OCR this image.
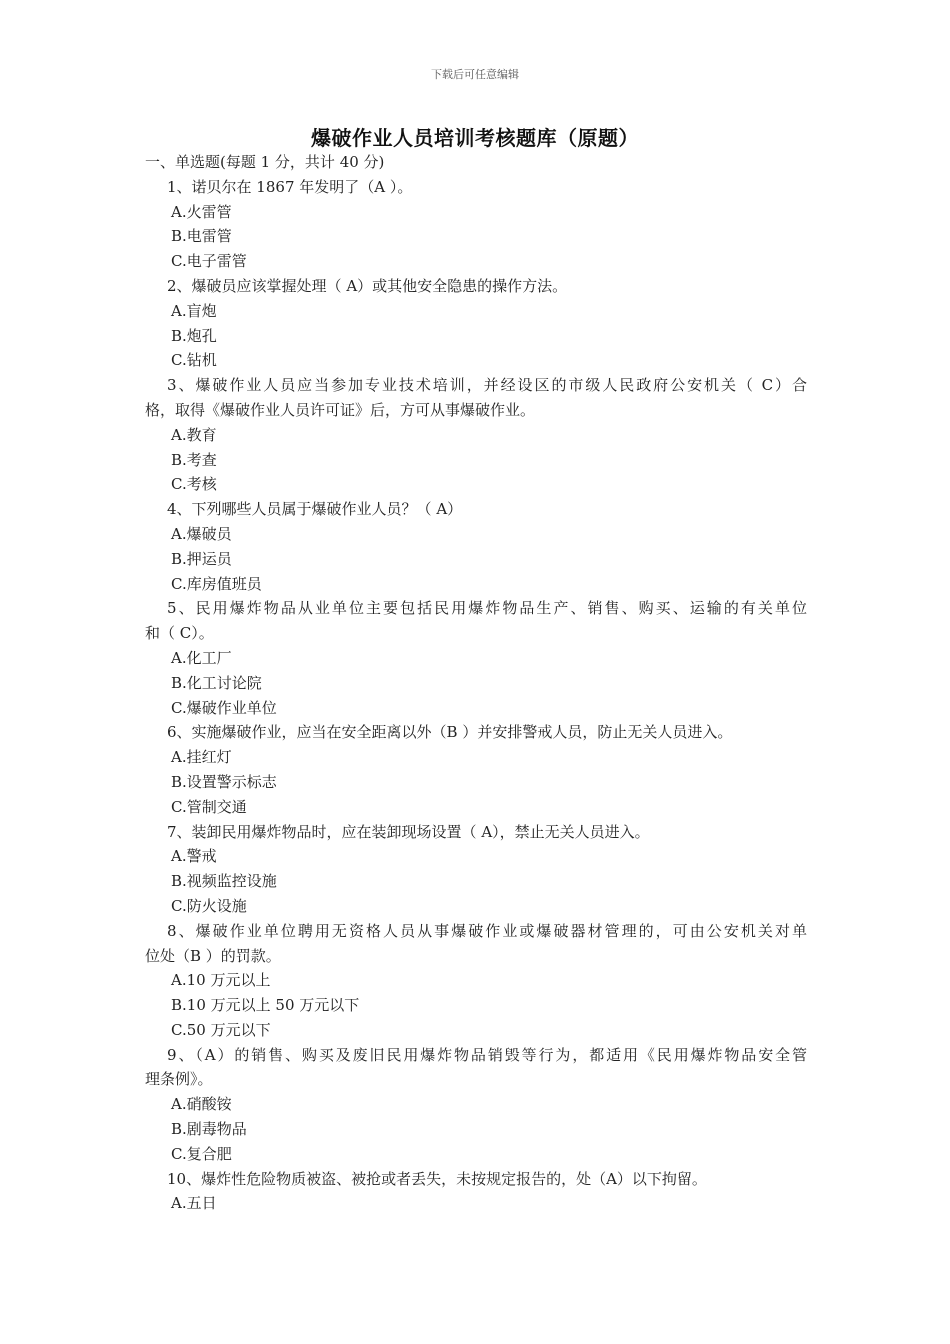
下载后可任意编辑
爆破作业人员培训考核题库（原题）
一、单选题(每题 1 分，共计 40 分)
1、诺贝尔在 1867 年发明了（A ）。
A.火雷管
B.电雷管
C.电子雷管
2、爆破员应该掌握处理（ A）或其他安全隐患的操作方法。
A.盲炮
B.炮孔
C.钻机
3、爆破作业人员应当参加专业技术培训，并经设区的市级人民政府公安机关（ C）合
格，取得《爆破作业人员许可证》后，方可从事爆破作业。
A.教育
B.考查
C.考核
4、下列哪些人员属于爆破作业人员？（ A）
A.爆破员
B.押运员
C.库房值班员
5、民用爆炸物品从业单位主要包括民用爆炸物品生产、销售、购买、运输的有关单位
和（ C）。
A.化工厂
B.化工讨论院
C.爆破作业单位
6、实施爆破作业，应当在安全距离以外（B ）并安排警戒人员，防止无关人员进入。
A.挂红灯
B.设置警示标志
C.管制交通
7、装卸民用爆炸物品时，应在装卸现场设置（ A），禁止无关人员进入。
A.警戒
B.视频监控设施
C.防火设施
8、爆破作业单位聘用无资格人员从事爆破作业或爆破器材管理的，可由公安机关对单
位处（B ）的罚款。
A.10 万元以上
B.10 万元以上 50 万元以下
C.50 万元以下
9、（A）的销售、购买及废旧民用爆炸物品销毁等行为，都适用《民用爆炸物品安全管
理条例》。
A.硝酸铵
B.剧毒物品
C.复合肥
10、爆炸性危险物质被盗、被抢或者丢失，未按规定报告的，处（A）以下拘留。
A.五日
